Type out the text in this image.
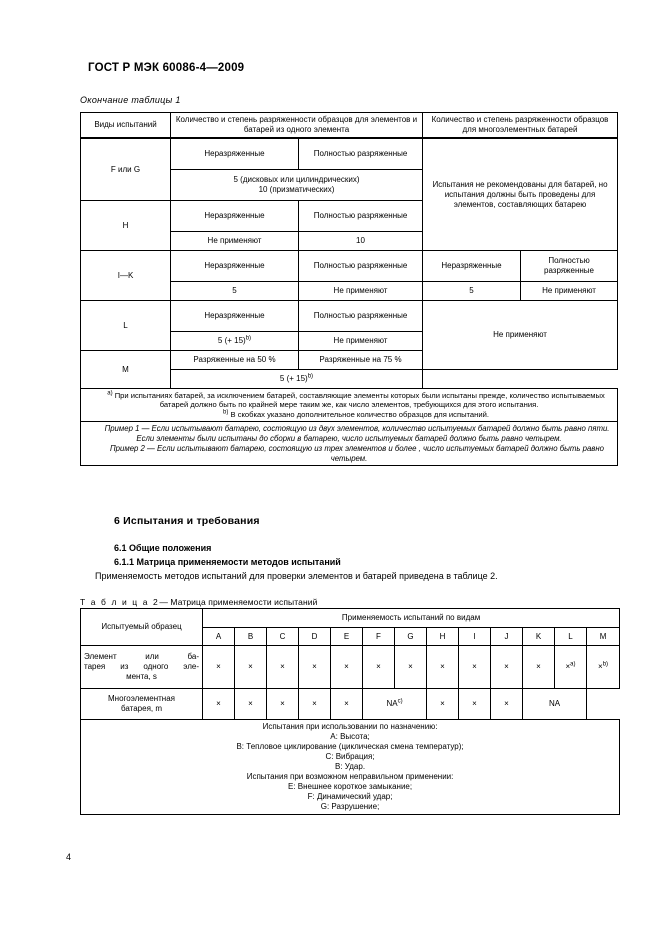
ГОСТ Р МЭК 60086-4—2009
Окончание таблицы 1
Виды испытаний	Количество и степень разряженности образцов для элементов и батарей из одного элемента		Количество и степень разряженности образцов для многоэлементных батарей	
F или G	Неразряженные	Полностью разряженные	Испытания не рекомендованы для батарей, но испытания должны быть проведены для элементов, составляющих батарею	
	5 (дисковых или цилиндрических)
10 (призматических)			
H	Неразряженные	Полностью разряженные		
	Не применяют	10		
I—K	Неразряженные	Полностью разряженные	Неразряженные	Полностью разряженные
	5	Не применяют	5	Не применяют
L	Неразряженные	Полностью разряженные	Не применяют	
	5 (+ 15)$^{b)}$	Не применяют		
M	Разряженные на 50 %	Разряженные на 75 %		
	5 (+ 15)$^{b)}$

$^{a)}$ При испытаниях батарей, за исключением батарей, составляющие элементы которых были испытаны прежде, количество испытываемых батарей должно быть по крайней мере таким же, как число элементов, требующихся для этого испытания.

$^{b)}$ В скобках указано дополнительное количество образцов для испытаний.				

Пример 1 — Если испытывают батарею, состоящую из двух элементов, количество испытуемых батарей должно быть равно пяти. Если элементы были испытаны до сборки в батарею, число испытуемых батарей должно быть равно четырем.

Пример 2 — Если испытывают батарею, состоящую из трех элементов и более , число испытуемых батарей должно быть равно четырем.				

6 Испытания и требования
6.1 Общие положения
6.1.1 Матрица применяемости методов испытаний
Применяемость методов испытаний для проверки элементов и батарей приведена в таблице 2.
Т а б л и ц а 2— Матрица применяемости испытаний
Испытуемый образец	Применяемость испытаний по видам												
	A	B	C	D	E	F	G	H	I	J	K	L	M

Элемент или ба-
тарея из одного эле-
мента, s	×	×	×	×	×	×	×	×	×	×	×	×$^{a)}$	×$^{b)}$

Многоэлементная
батарея, m	×	×	×	×	×	$NA^{c)}$		×	×	×	NA		

Испытания при использовании по назначению:
A: Высота;
B: Тепловое циклирование (циклическая смена температур);
C: Вибрация;
B: Удар.
Испытания при возможном неправильном применении:
E: Внешнее короткое замыкание;
F: Динамический удар;
G: Разрушение;
4
